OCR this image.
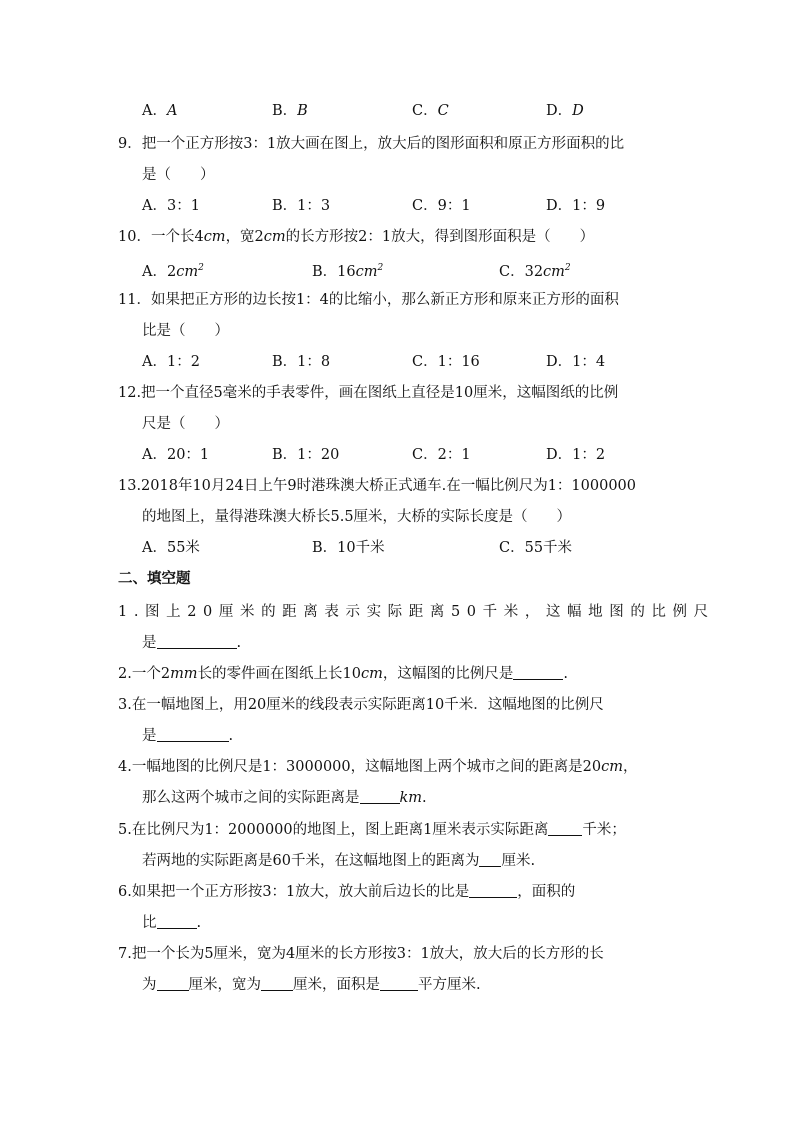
A．A	B．B	C．C	D．D
9．把一个正方形按3：1放大画在图上，放大后的图形面积和原正方形面积的比
是（　　）
A．3：1	B．1：3	C．9：1	D．1：9
10．一个长4cm，宽2cm的长方形按2：1放大，得到图形面积是（　　）
A．$2cm^2$	B．$16cm^2$	C．$32cm^2$
11．如果把正方形的边长按1：4的比缩小，那么新正方形和原来正方形的面积
比是（　　）
A．1：2	B．1：8	C．1：16	D．1：4
12.把一个直径5毫米的手表零件，画在图纸上直径是10厘米，这幅图纸的比例
尺是（　　）
A．20：1	B．1：20	C．2：1	D．1：2
13.2018年10月24日上午9时港珠澳大桥正式通车.在一幅比例尺为1：1000000
的地图上，量得港珠澳大桥长5.5厘米，大桥的实际长度是（　　）
A．55米	B．10千米	C．55千米
二、填空题
1.图上20厘米的距离表示实际距离50千米，这幅地图的比例尺
是	.
2.一个2mm长的零件画在图纸上长10cm，这幅图的比例尺是	.
3.在一幅地图上，用20厘米的线段表示实际距离10千米．这幅地图的比例尺
是	.
4.一幅地图的比例尺是1：3000000，这幅地图上两个城市之间的距离是20cm，
那么这两个城市之间的实际距离是	km.
5.在比例尺为1：2000000的地图上，图上距离1厘米表示实际距离 千米；
若两地的实际距离是60千米，在这幅地图上的距离为 厘米.
6.如果把一个正方形按3：1放大，放大前后边长的比是	，面积的
比	.
7.把一个长为5厘米，宽为4厘米的长方形按3：1放大，放大后的长方形的长
为 厘米，宽为 厘米，面积是	平方厘米.
